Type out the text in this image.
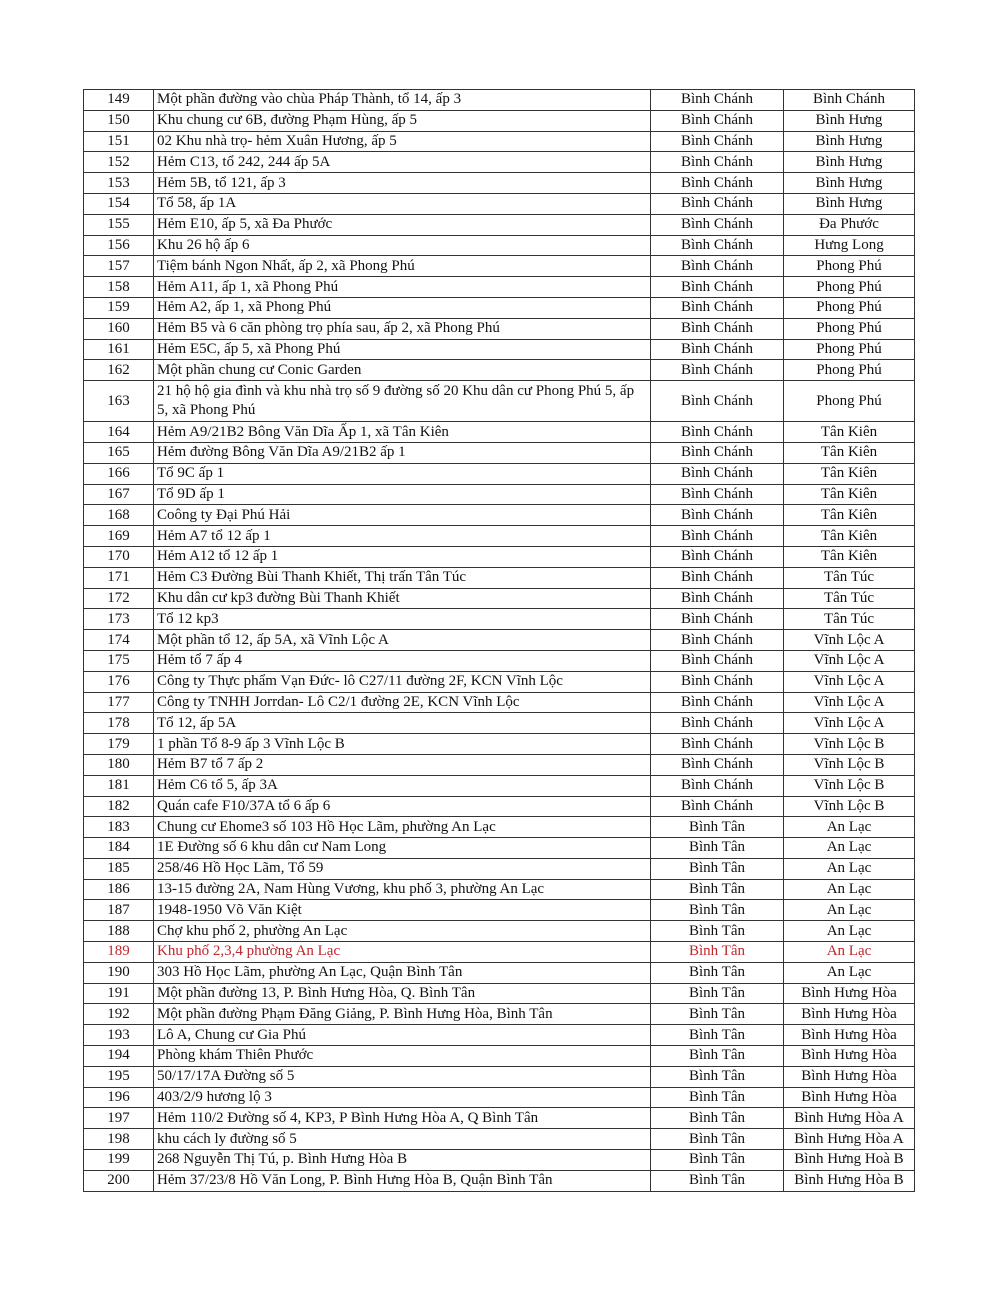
149	Một phần đường vào chùa Pháp Thành, tổ 14, ấp 3	Bình Chánh	Bình Chánh
150	Khu chung cư 6B, đường Phạm Hùng, ấp 5	Bình Chánh	Bình Hưng
151	02 Khu nhà trọ- hẻm Xuân Hương, ấp 5	Bình Chánh	Bình Hưng
152	Hẻm C13, tổ 242, 244 ấp 5A	Bình Chánh	Bình Hưng
153	Hẻm 5B, tổ 121, ấp 3	Bình Chánh	Bình Hưng
154	Tổ 58, ấp 1A	Bình Chánh	Bình Hưng
155	Hẻm E10, ấp 5, xã Đa Phước	Bình Chánh	Đa Phước
156	Khu 26 hộ ấp 6	Bình Chánh	Hưng Long
157	Tiệm bánh Ngon Nhất, ấp 2, xã Phong Phú	Bình Chánh	Phong Phú
158	Hẻm A11, ấp 1, xã Phong Phú	Bình Chánh	Phong Phú
159	Hẻm A2, ấp 1, xã Phong Phú	Bình Chánh	Phong Phú
160	Hẻm B5 và 6 căn phòng trọ phía sau, ấp 2, xã Phong Phú	Bình Chánh	Phong Phú
161	Hẻm E5C, ấp 5, xã Phong Phú	Bình Chánh	Phong Phú
162	Một phần chung cư Conic Garden	Bình Chánh	Phong Phú
163	21 hộ hộ gia đình và khu nhà trọ số 9 đường số 20 Khu dân cư Phong Phú 5, ấp 5, xã Phong Phú	Bình Chánh	Phong Phú
164	Hẻm A9/21B2 Bông Văn Dĩa Ấp 1, xã Tân Kiên	Bình Chánh	Tân Kiên
165	Hẻm đường Bông Văn Dĩa A9/21B2 ấp 1	Bình Chánh	Tân Kiên
166	Tổ 9C ấp 1	Bình Chánh	Tân Kiên
167	Tổ 9D ấp 1	Bình Chánh	Tân Kiên
168	Coông ty Đại Phú Hải	Bình Chánh	Tân Kiên
169	Hẻm A7 tổ 12 ấp 1	Bình Chánh	Tân Kiên
170	Hẻm A12 tổ 12 ấp 1	Bình Chánh	Tân Kiên
171	Hẻm C3 Đường Bùi Thanh Khiết, Thị trấn Tân Túc	Bình Chánh	Tân Túc
172	Khu dân cư kp3 đường Bùi Thanh Khiết	Bình Chánh	Tân Túc
173	Tổ 12 kp3	Bình Chánh	Tân Túc
174	Một phần tổ 12, ấp 5A, xã Vĩnh Lộc A	Bình Chánh	Vĩnh Lộc A
175	Hẻm tổ 7 ấp 4	Bình Chánh	Vĩnh Lộc A
176	Công ty Thực phẩm Vạn Đức- lô C27/11 đường 2F, KCN Vĩnh Lộc	Bình Chánh	Vĩnh Lộc A
177	Công ty TNHH Jorrdan- Lô C2/1 đường 2E, KCN Vĩnh Lộc	Bình Chánh	Vĩnh Lộc A
178	Tổ 12, ấp 5A	Bình Chánh	Vĩnh Lộc A
179	1 phần Tổ 8-9 ấp 3 Vĩnh Lộc B	Bình Chánh	Vĩnh Lộc B
180	Hẻm B7 tổ 7 ấp 2	Bình Chánh	Vĩnh Lộc B
181	Hẻm C6 tổ 5, ấp 3A	Bình Chánh	Vĩnh Lộc B
182	Quán cafe F10/37A tổ 6 ấp 6	Bình Chánh	Vĩnh Lộc B
183	Chung cư Ehome3 số 103 Hồ Học Lãm, phường An Lạc	Bình Tân	An Lạc
184	1E Đường số 6 khu dân cư Nam Long	Bình Tân	An Lạc
185	258/46 Hồ Học Lãm, Tổ 59	Bình Tân	An Lạc
186	13-15 đường 2A, Nam Hùng Vương, khu phố 3, phường An Lạc	Bình Tân	An Lạc
187	1948-1950 Võ Văn Kiệt	Bình Tân	An Lạc
188	Chợ khu phố 2, phường An Lạc	Bình Tân	An Lạc
189	Khu phố 2,3,4 phường An Lạc	Bình Tân	An Lạc
190	303 Hồ Học Lãm, phường An Lạc, Quận Bình Tân	Bình Tân	An Lạc
191	Một phần đường 13, P. Bình Hưng Hòa, Q. Bình Tân	Bình Tân	Bình Hưng Hòa
192	Một phần đường Phạm Đăng Giảng, P. Bình Hưng Hòa, Bình Tân	Bình Tân	Bình Hưng Hòa
193	Lô A, Chung cư Gia Phú	Bình Tân	Bình Hưng Hòa
194	Phòng khám Thiên Phước	Bình Tân	Bình Hưng Hòa
195	50/17/17A Đường số 5	Bình Tân	Bình Hưng Hòa
196	403/2/9 hương lộ 3	Bình Tân	Bình Hưng Hòa
197	Hẻm 110/2 Đường số 4, KP3, P Bình Hưng Hòa A, Q Bình Tân	Bình Tân	Bình Hưng Hòa A
198	khu cách ly đường số 5	Bình Tân	Bình Hưng Hòa A
199	268 Nguyễn Thị Tú, p. Bình Hưng Hòa B	Bình Tân	Bình Hưng Hoà B
200	Hẻm 37/23/8 Hồ Văn Long, P. Bình Hưng Hòa B, Quận Bình Tân	Bình Tân	Bình Hưng Hòa B
